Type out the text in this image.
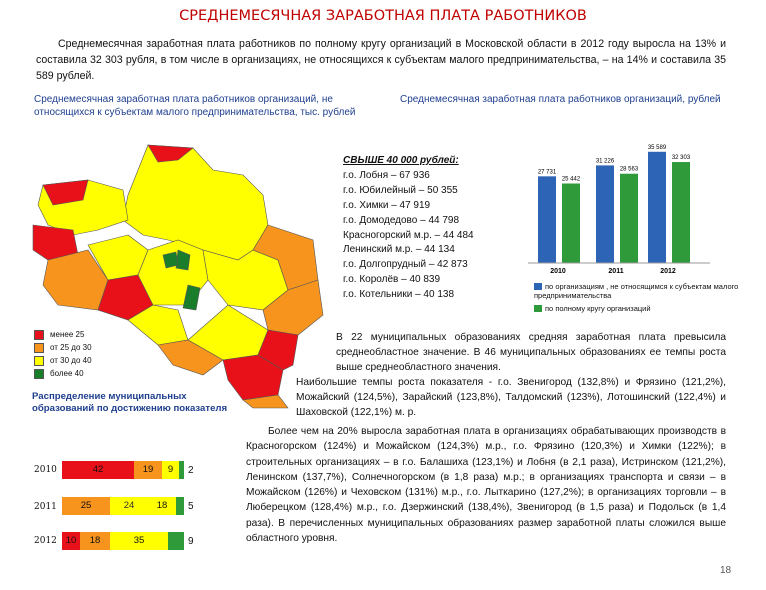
СРЕДНЕМЕСЯЧНАЯ ЗАРАБОТНАЯ ПЛАТА РАБОТНИКОВ
Среднемесячная заработная плата работников по полному кругу организаций в Московской области в 2012 году выросла на 13% и составила 32 303 рубля, в том числе в организациях, не относящихся к субъектам малого предпринимательства, – на 14% и составила 35 589 рублей.
Среднемесячная заработная плата работников организаций, не относящихся к субъектам малого предпринимательства, тыс. рублей
Среднемесячная заработная плата работников организаций, рублей
менее 25
от 25 до 30
от 30 до 40
более 40
СВЫШЕ 40 000 рублей:
г.о. Лобня – 67 936
г.о. Юбилейный – 50 355
г.о. Химки – 47 919
г.о. Домодедово – 44 798
Красногорский м.р. – 44 484
Ленинский м.р. – 44 134
г.о. Долгопрудный – 42 873
г.о. Королёв – 40 839
г.о. Котельники – 40 138
27 731
25 442
2010
31 226
28 563
2011
35 589
32 303
2012
по организациям , не относящимся к субъектам малого предпринимательства
по полному кругу организаций
В 22 муниципальных образованиях средняя заработная плата превысила среднеобластное значение. В 46 муниципальных образованиях ее темпы роста выше среднеобластного значения.
Наибольшие темпы роста показателя - г.о. Звенигород (132,8%) и Фрязино (121,2%), Можайский (124,5%), Зарайский (123,8%), Талдомский (123%), Лотошинский (122,4%) и Шаховской (122,1%) м. р.
Более чем на 20% выросла заработная плата в организациях обрабатывающих производств в Красногорском (124%) и Можайском (124,3%) м.р., г.о. Фрязино (120,3%) и Химки (122%); в строительных организациях – в г.о. Балашиха (123,1%) и Лобня (в 2,1 раза), Истринском (121,2%), Ленинском (137,7%), Солнечногорском (в 1,8 раза) м.р.; в организациях транспорта и связи – в Можайском (126%) и Чеховском (131%) м.р., г.о. Лыткарино (127,2%); в организациях торговли – в Люберецком (128,4%) м.р., г.о. Дзержинский (138,4%), Звенигород (в 1,5 раза) и Подольск (в 1,4 раза). В перечисленных муниципальных образованиях размер заработной платы сложился выше областного уровня.
Распределение муниципальных образований по достижению показателя
2010
2011
2012
42	19	9	2
25	24	18	5
10	18	35	9
18
